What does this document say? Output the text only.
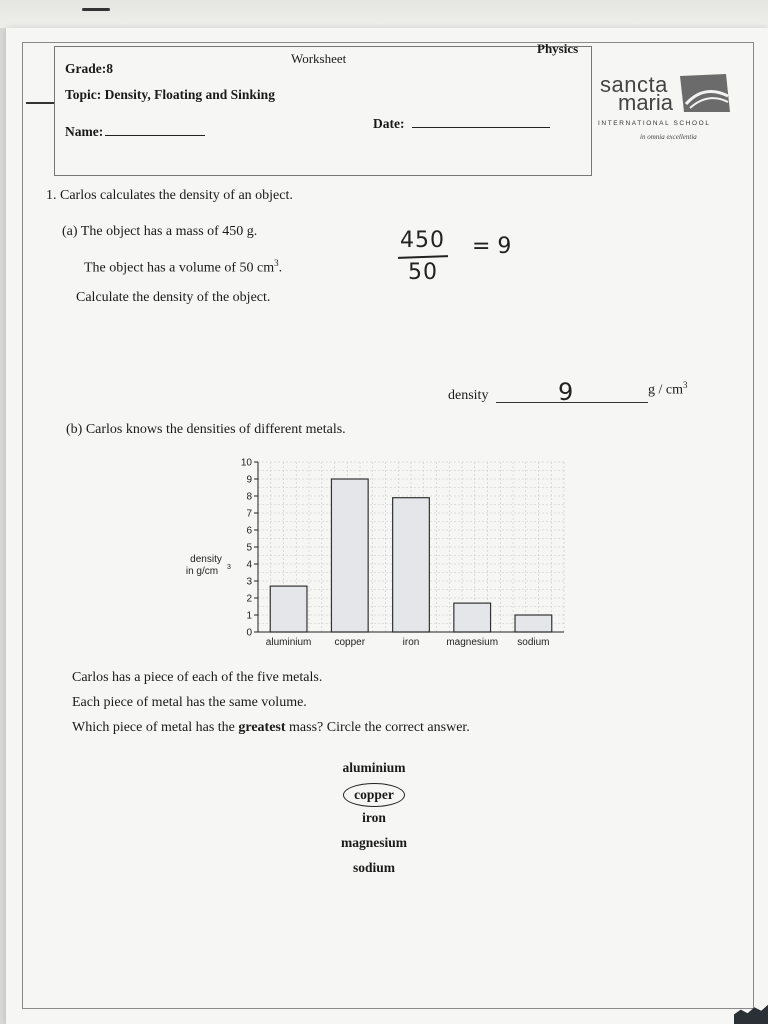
Grade:8
Worksheet
Physics
Topic: Density, Floating and Sinking
Name:
Date:
sancta
maria
INTERNATIONAL SCHOOL
in omnia excellentia
1. Carlos calculates the density of an object.
(a) The object has a mass of 450 g.
The object has a volume of 50 $cm^3$.
Calculate the density of the object.
450
50
= 9
density	9	g / $cm^3$
(b) Carlos knows the densities of different metals.
aluminium copper	iron	magnesium sodium
0
1
2
3
4
5
6
7
8
9
10
density
in g/cm 3
Carlos has a piece of each of the five metals.
Each piece of metal has the same volume.
Which piece of metal has the greatest mass? Circle the correct answer.
aluminium
copper
iron
magnesium
sodium
